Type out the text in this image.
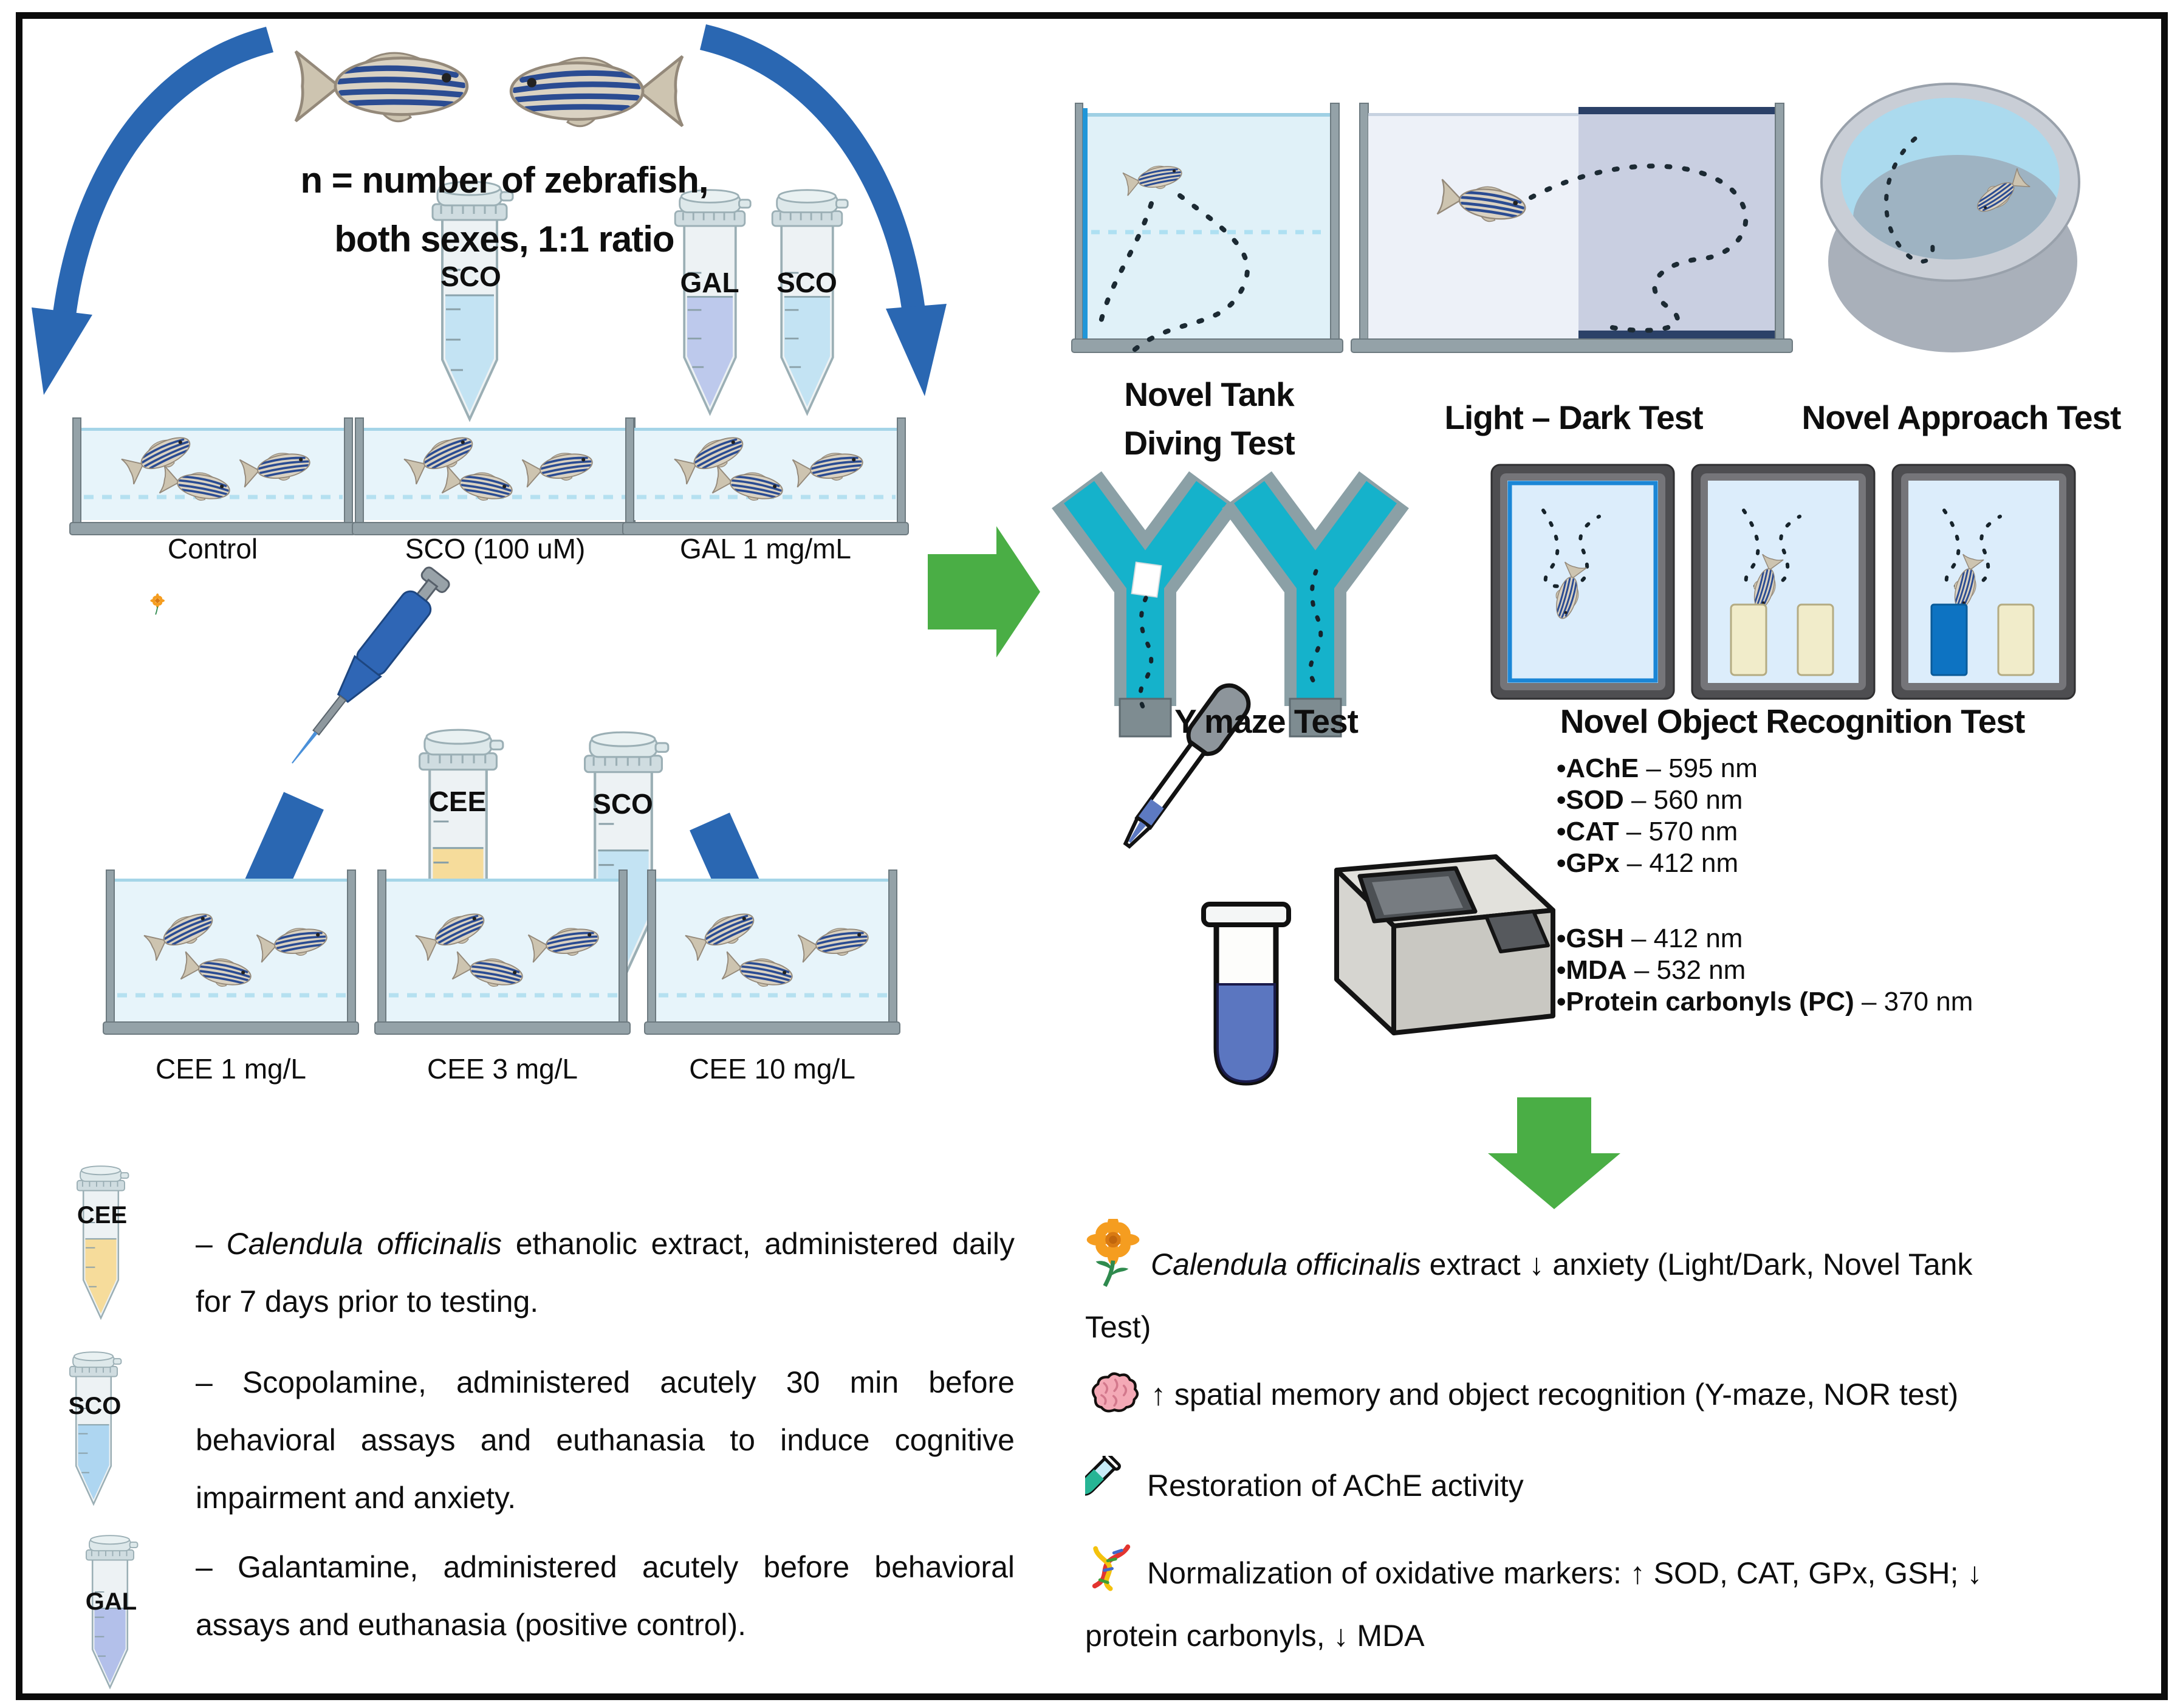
n = number of zebrafish,
both sexes, 1:1 ratio
SCO	GAL	SCO
CEE	SCO
Control	SCO (100 uM)	GAL 1 mg/mL
CEE 1 mg/L	CEE 3 mg/L	CEE 10 mg/L
Novel Tank
Diving Test
Light – Dark Test	Novel Approach Test
Y maze Test	Novel Object Recognition Test
•AChE – 595 nm
•SOD – 560 nm
•CAT – 570 nm
•GPx – 412 nm
•GSH – 412 nm
•MDA – 532 nm
•Protein carbonyls (PC) – 370 nm
CEE
SCO
GAL
– Calendula officinalis ethanolic extract, administered daily for 7 days prior to testing.
– Scopolamine, administered acutely 30 min before behavioral assays and euthanasia to induce cognitive impairment and anxiety.
– Galantamine, administered acutely before behavioral assays and euthanasia (positive control).
Calendula officinalis extract ↓ anxiety (Light/Dark, Novel Tank
Test)
↑ spatial memory and object recognition (Y-maze, NOR test)
Restoration of AChE activity
Normalization of oxidative markers: ↑ SOD, CAT, GPx, GSH; ↓
protein carbonyls, ↓ MDA
